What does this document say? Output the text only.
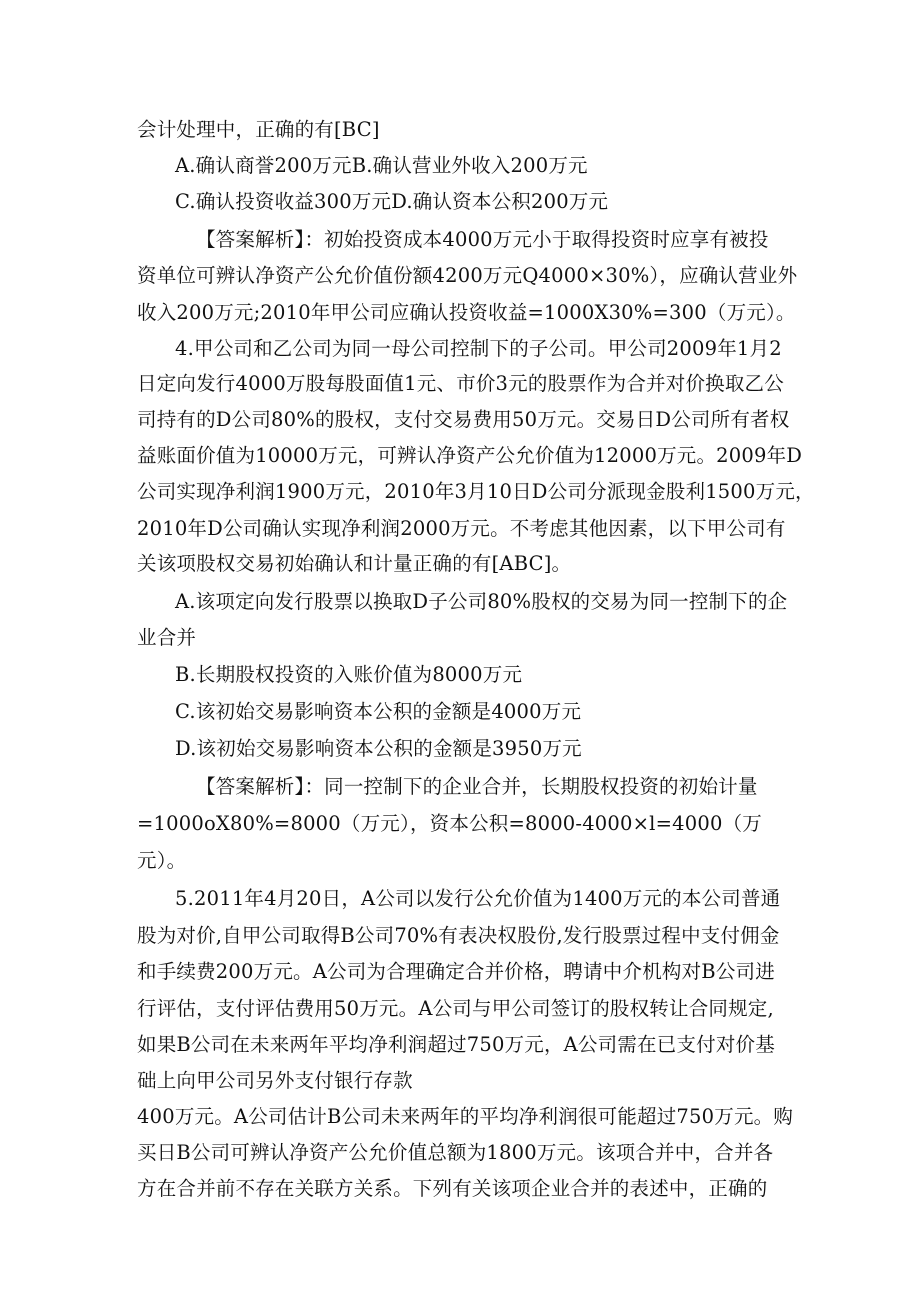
会计处理中，正确的有[BC]
A.确认商誉200万元B.确认营业外收入200万元
C.确认投资收益300万元D.确认资本公积200万元
【答案解析】：初始投资成本4000万元小于取得投资时应享有被投
资单位可辨认净资产公允价值份额4200万元Q4000×30%），应确认营业外
收入200万元;2010年甲公司应确认投资收益=1000X30%=300（万元）。
4.甲公司和乙公司为同一母公司控制下的子公司。甲公司2009年1月2
日定向发行4000万股每股面值1元、市价3元的股票作为合并对价换取乙公
司持有的D公司80%的股权，支付交易费用50万元。交易日D公司所有者权
益账面价值为10000万元，可辨认净资产公允价值为12000万元。2009年D
公司实现净利润1900万元，2010年3月10日D公司分派现金股利1500万元，
2010年D公司确认实现净利润2000万元。不考虑其他因素，以下甲公司有
关该项股权交易初始确认和计量正确的有[ABC]。
A.该项定向发行股票以换取D子公司80%股权的交易为同一控制下的企
业合并
B.长期股权投资的入账价值为8000万元
C.该初始交易影响资本公积的金额是4000万元
D.该初始交易影响资本公积的金额是3950万元
【答案解析】：同一控制下的企业合并，长期股权投资的初始计量
=1000oX80%=8000（万元），资本公积=8000-4000×l=4000（万
元）。
5.2011年4月20日，A公司以发行公允价值为1400万元的本公司普通
股为对价,自甲公司取得B公司70%有表决权股份,发行股票过程中支付佣金
和手续费200万元。A公司为合理确定合并价格，聘请中介机构对B公司进
行评估，支付评估费用50万元。A公司与甲公司签订的股权转让合同规定,
如果B公司在未来两年平均净利润超过750万元，A公司需在已支付对价基
础上向甲公司另外支付银行存款
400万元。A公司估计B公司未来两年的平均净利润很可能超过750万元。购
买日B公司可辨认净资产公允价值总额为1800万元。该项合并中，合并各
方在合并前不存在关联方关系。下列有关该项企业合并的表述中，正确的
